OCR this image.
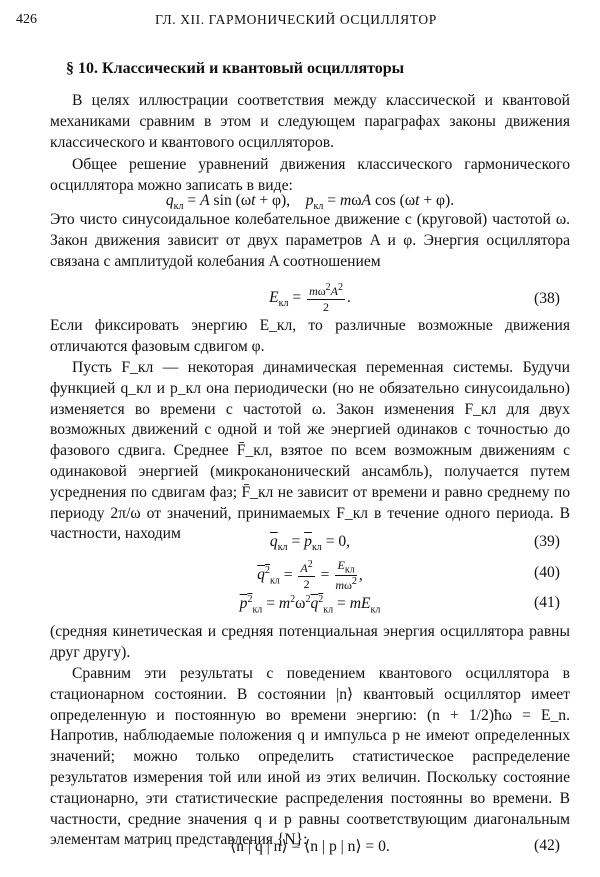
426	ГЛ. XII. ГАРМОНИЧЕСКИЙ ОСЦИЛЛЯТОР
§ 10. Классический и квантовый осцилляторы
В целях иллюстрации соответствия между классической и квантовой механиками сравним в этом и следующем параграфах законы движения классического и квантового осцилляторов.
Общее решение уравнений движения классического гармонического осциллятора можно записать в виде:
$q_{кл} = A$ sin (ωt + φ),    $p_{кл} = m\omega A$ cos (ωt + φ).
Это чисто синусоидальное колебательное движение с (круговой) частотой ω. Закон движения зависит от двух параметров A и φ. Энергия осциллятора связана с амплитудой колебания A соотношением
$E_{кл} = \frac{m\omega^2A^2}{2}$ .	(38)
Если фиксировать энергию E_кл, то различные возможные движения отличаются фазовым сдвигом φ.
Пусть F_кл — некоторая динамическая переменная системы. Будучи функцией q_кл и p_кл она периодически (но не обязательно синусоидально) изменяется во времени с частотой ω. Закон изменения F_кл для двух возможных движений с одной и той же энергией одинаков с точностью до фазового сдвига. Среднее F̄_кл, взятое по всем возможным движениям с одинаковой энергией (микроканонический ансамбль), получается путем усреднения по сдвигам фаз; F̄_кл не зависит от времени и равно среднему по периоду 2π/ω от значений, принимаемых F_кл в течение одного периода. В частности, находим	$\overline{q}_{кл} = \overline{p}_{кл} = 0$,	(39)
$q^2_{кл} = \frac{A^2}{2} = \frac{E_{кл}}{m\omega^2}$ ,	(40)
$p^2_{кл} = m^2\omega^2q^2_{кл} = mE_{кл}$	(41)
(средняя кинетическая и средняя потенциальная энергия осциллятора равны друг другу).
Сравним эти результаты с поведением квантового осциллятора в стационарном состоянии. В состоянии |n⟩ квантовый осциллятор имеет определенную и постоянную во времени энергию: (n + 1/2)ħω = E_n. Напротив, наблюдаемые положения q и импульса p не имеют определенных значений; можно только определить статистическое распределение результатов измерения той или иной из этих величин. Поскольку состояние стационарно, эти статистические распределения постоянны во времени. В частности, средние значения q и p равны соответствующим диагональным элементам матриц представления {N}:
⟨n | q | n⟩ = ⟨n | p | n⟩ = 0.	(42)
